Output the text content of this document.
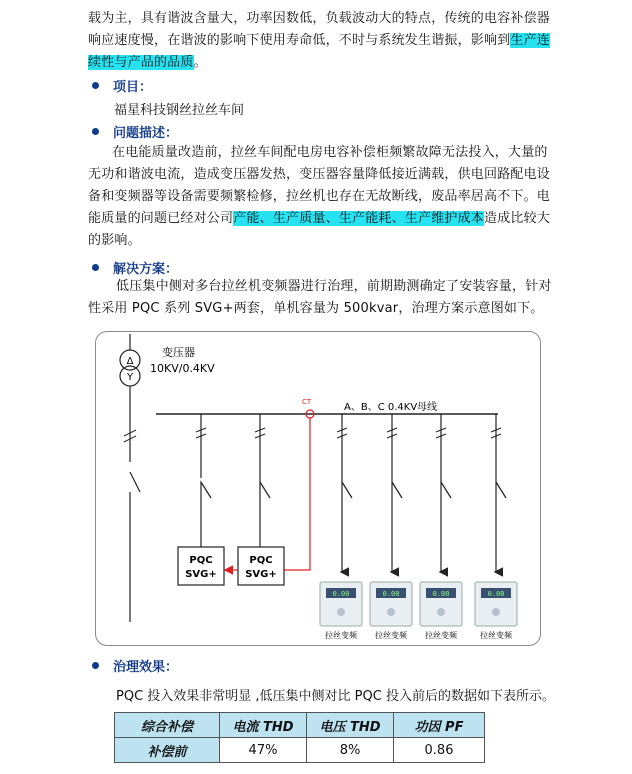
载为主，具有谐波含量大，功率因数低，负载波动大的特点，传统的电容补偿器
响应速度慢，在谐波的影响下使用寿命低，不时与系统发生谐振，影响到生产连
续性与产品的品质。
项目：
福星科技钢丝拉丝车间
问题描述：
在电能质量改造前，拉丝车间配电房电容补偿柜频繁故障无法投入，大量的
无功和谐波电流，造成变压器发热，变压器容量降低接近满载，供电回路配电设
备和变频器等设备需要频繁检修，拉丝机也存在无故断线，废品率居高不下。电
能质量的问题已经对公司产能、生产质量、生产能耗、生产维护成本造成比较大
的影响。
解决方案：
低压集中侧对多台拉丝机变频器进行治理，前期勘测确定了安装容量，针对
性采用 PQC 系列 SVG+两套，单机容量为 500kvar，治理方案示意图如下。
Δ
Y
变压器
10KV/0.4KV
A、B、C 0.4KV母线
CT
PQC
SVG+
PQC
SVG+
0.00
拉丝变频
0.00
拉丝变频
0.00
拉丝变频
0.00
拉丝变频
治理效果：
PQC 投入效果非常明显 ,低压集中侧对比 PQC 投入前后的数据如下表所示。
综合补偿	电流 THD	电压 THD	功因 PF
补偿前	47%	8%	0.86
